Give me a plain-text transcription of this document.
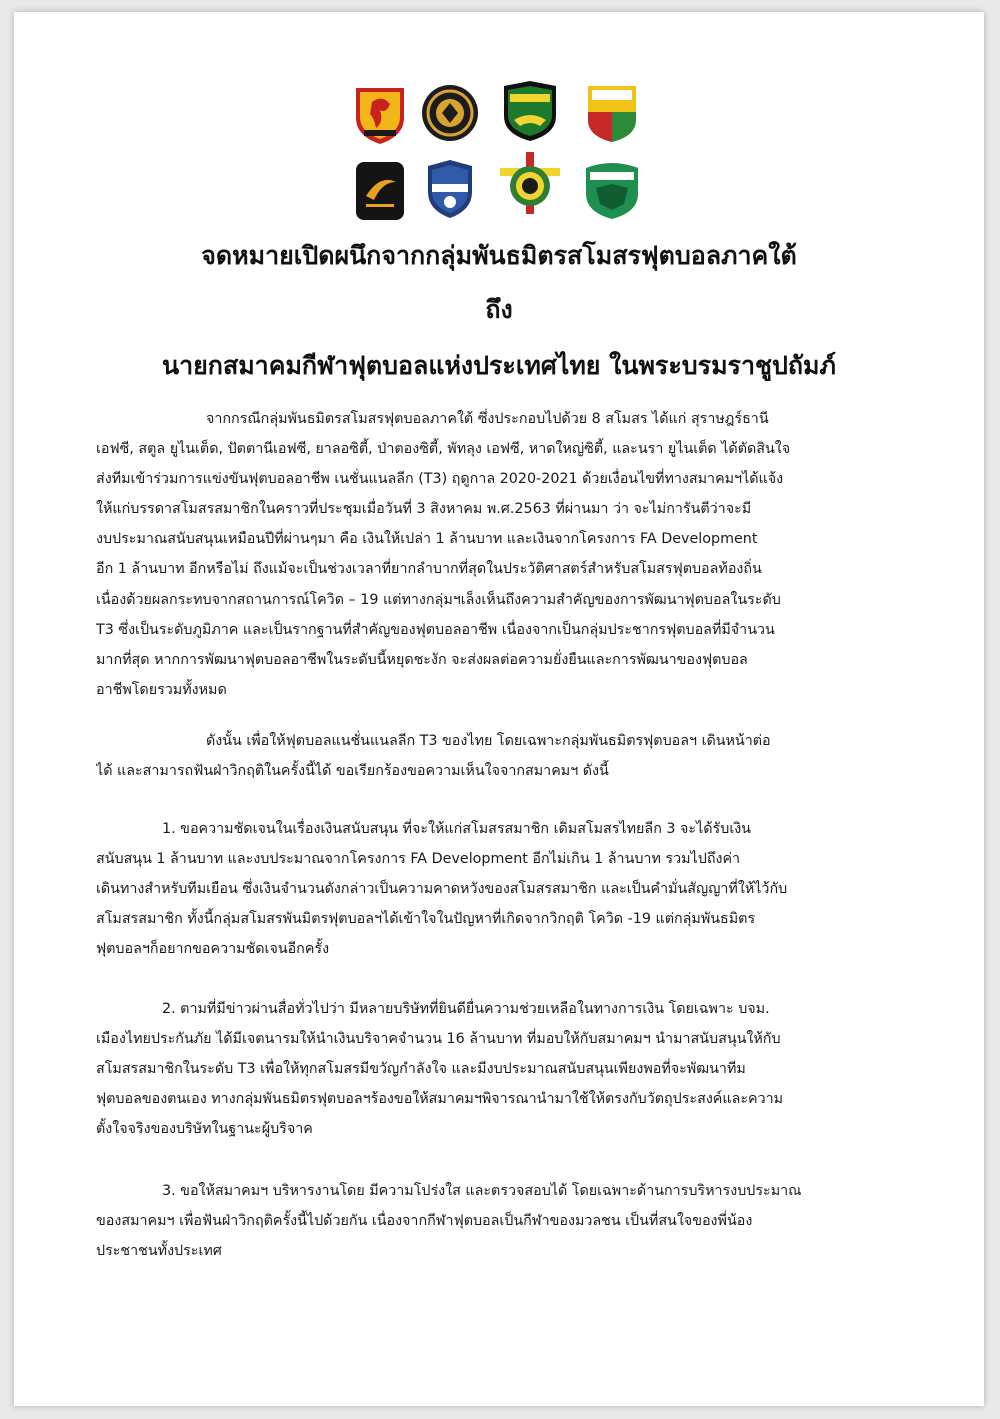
จดหมายเปิดผนึกจากกลุ่มพันธมิตรสโมสรฟุตบอลภาคใต้
ถึง
นายกสมาคมกีฬาฟุตบอลแห่งประเทศไทย ในพระบรมราชูปถัมภ์
จากกรณีกลุ่มพันธมิตรสโมสรฟุตบอลภาคใต้ ซึ่งประกอบไปด้วย 8 สโมสร ได้แก่ สุราษฎร์ธานี
เอฟซี, สตูล ยูไนเต็ด, ปัตตานีเอฟซี, ยาลอซิตี้, ป่าตองซิตี้, พัทลุง เอฟซี, หาดใหญ่ซิตี้, และนรา ยูไนเต็ด ได้ตัดสินใจ
ส่งทีมเข้าร่วมการแข่งขันฟุตบอลอาชีพ เนชั่นแนลลีก (T3) ฤดูกาล 2020-2021 ด้วยเงื่อนไขที่ทางสมาคมฯได้แจ้ง
ให้แก่บรรดาสโมสรสมาชิกในคราวที่ประชุมเมื่อวันที่ 3 สิงหาคม พ.ศ.2563 ที่ผ่านมา ว่า จะไม่การันตีว่าจะมี
งบประมาณสนับสนุนเหมือนปีที่ผ่านๆมา คือ เงินให้เปล่า 1 ล้านบาท และเงินจากโครงการ FA Development
อีก 1 ล้านบาท อีกหรือไม่ ถึงแม้จะเป็นช่วงเวลาที่ยากลำบากที่สุดในประวัติศาสตร์สำหรับสโมสรฟุตบอลท้องถิ่น
เนื่องด้วยผลกระทบจากสถานการณ์โควิด – 19 แต่ทางกลุ่มฯเล็งเห็นถึงความสำคัญของการพัฒนาฟุตบอลในระดับ
T3 ซึ่งเป็นระดับภูมิภาค และเป็นรากฐานที่สำคัญของฟุตบอลอาชีพ เนื่องจากเป็นกลุ่มประชากรฟุตบอลที่มีจำนวน
มากที่สุด หากการพัฒนาฟุตบอลอาชีพในระดับนี้หยุดชะงัก จะส่งผลต่อความยั่งยืนและการพัฒนาของฟุตบอล
อาชีพโดยรวมทั้งหมด
ดังนั้น เพื่อให้ฟุตบอลแนชั่นแนลลีก T3 ของไทย โดยเฉพาะกลุ่มพันธมิตรฟุตบอลฯ เดินหน้าต่อ
ได้ และสามารถฟันฝ่าวิกฤติในครั้งนี้ได้ ขอเรียกร้องขอความเห็นใจจากสมาคมฯ ดังนี้
1. ขอความชัดเจนในเรื่องเงินสนับสนุน ที่จะให้แก่สโมสรสมาชิก เดิมสโมสรไทยลีก 3 จะได้รับเงิน
สนับสนุน 1 ล้านบาท และงบประมาณจากโครงการ FA Development อีกไม่เกิน 1 ล้านบาท รวมไปถึงค่า
เดินทางสำหรับทีมเยือน ซึ่งเงินจำนวนดังกล่าวเป็นความคาดหวังของสโมสรสมาชิก และเป็นคำมั่นสัญญาที่ให้ไว้กับ
สโมสรสมาชิก ทั้งนี้กลุ่มสโมสรพันมิตรฟุตบอลฯได้เข้าใจในปัญหาที่เกิดจากวิกฤติ โควิด -19 แต่กลุ่มพันธมิตร
ฟุตบอลฯก็อยากขอความชัดเจนอีกครั้ง
2. ตามที่มีข่าวผ่านสื่อทั่วไปว่า มีหลายบริษัทที่ยินดียื่นความช่วยเหลือในทางการเงิน โดยเฉพาะ บจม.
เมืองไทยประกันภัย ได้มีเจตนารมให้นำเงินบริจาคจำนวน 16 ล้านบาท ที่มอบให้กับสมาคมฯ นำมาสนับสนุนให้กับ
สโมสรสมาชิกในระดับ T3 เพื่อให้ทุกสโมสรมีขวัญกำลังใจ และมีงบประมาณสนับสนุนเพียงพอที่จะพัฒนาทีม
ฟุตบอลของตนเอง ทางกลุ่มพันธมิตรฟุตบอลฯร้องขอให้สมาคมฯพิจารณานำมาใช้ให้ตรงกับวัตถุประสงค์และความ
ตั้งใจจริงของบริษัทในฐานะผู้บริจาค
3. ขอให้สมาคมฯ บริหารงานโดย มีความโปร่งใส และตรวจสอบได้ โดยเฉพาะด้านการบริหารงบประมาณ
ของสมาคมฯ เพื่อฟันฝ่าวิกฤติครั้งนี้ไปด้วยกัน เนื่องจากกีฬาฟุตบอลเป็นกีฬาของมวลชน เป็นที่สนใจของพี่น้อง
ประชาชนทั้งประเทศ
